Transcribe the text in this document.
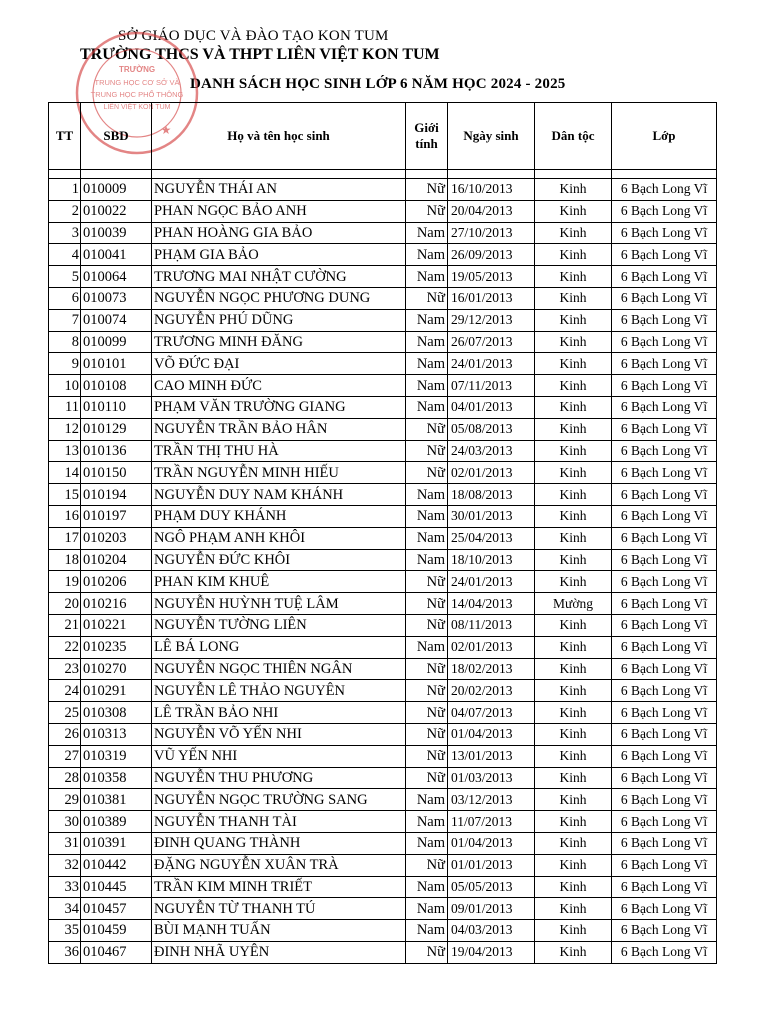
SỞ GIÁO DỤC VÀ ĐÀO TẠO KON TUM
TRƯỜNG THCS VÀ THPT LIÊN VIỆT KON TUM
DANH SÁCH HỌC SINH LỚP 6 NĂM HỌC 2024 - 2025
TRƯỜNG
TRUNG HỌC CƠ SỞ VÀ
TRUNG HỌC PHỔ THÔNG
LIÊN VIỆT KON TUM
★
TT	SBD	Họ và tên học sinh	Giới tính	Ngày sinh	Dân tộc	Lớp

1	010009	NGUYỄN THÁI AN	Nữ	16/10/2013	Kinh	6 Bạch Long Vĩ
2	010022	PHAN NGỌC BẢO ANH	Nữ	20/04/2013	Kinh	6 Bạch Long Vĩ
3	010039	PHAN HOÀNG GIA BẢO	Nam	27/10/2013	Kinh	6 Bạch Long Vĩ
4	010041	PHẠM GIA BẢO	Nam	26/09/2013	Kinh	6 Bạch Long Vĩ
5	010064	TRƯƠNG MAI NHẬT CƯỜNG	Nam	19/05/2013	Kinh	6 Bạch Long Vĩ
6	010073	NGUYỄN NGỌC PHƯƠNG DUNG	Nữ	16/01/2013	Kinh	6 Bạch Long Vĩ
7	010074	NGUYỄN PHÚ DŨNG	Nam	29/12/2013	Kinh	6 Bạch Long Vĩ
8	010099	TRƯƠNG MINH ĐĂNG	Nam	26/07/2013	Kinh	6 Bạch Long Vĩ
9	010101	VÕ ĐỨC ĐẠI	Nam	24/01/2013	Kinh	6 Bạch Long Vĩ
10	010108	CAO MINH ĐỨC	Nam	07/11/2013	Kinh	6 Bạch Long Vĩ
11	010110	PHẠM VĂN TRƯỜNG GIANG	Nam	04/01/2013	Kinh	6 Bạch Long Vĩ
12	010129	NGUYỄN TRẦN BẢO HÂN	Nữ	05/08/2013	Kinh	6 Bạch Long Vĩ
13	010136	TRẦN THỊ THU HÀ	Nữ	24/03/2013	Kinh	6 Bạch Long Vĩ
14	010150	TRẦN NGUYỄN MINH HIẾU	Nữ	02/01/2013	Kinh	6 Bạch Long Vĩ
15	010194	NGUYỄN DUY NAM KHÁNH	Nam	18/08/2013	Kinh	6 Bạch Long Vĩ
16	010197	PHẠM DUY KHÁNH	Nam	30/01/2013	Kinh	6 Bạch Long Vĩ
17	010203	NGÔ PHẠM ANH KHÔI	Nam	25/04/2013	Kinh	6 Bạch Long Vĩ
18	010204	NGUYỄN ĐỨC KHÔI	Nam	18/10/2013	Kinh	6 Bạch Long Vĩ
19	010206	PHAN KIM KHUÊ	Nữ	24/01/2013	Kinh	6 Bạch Long Vĩ
20	010216	NGUYỄN HUỲNH TUỆ LÂM	Nữ	14/04/2013	Mường	6 Bạch Long Vĩ
21	010221	NGUYỄN TƯỜNG LIÊN	Nữ	08/11/2013	Kinh	6 Bạch Long Vĩ
22	010235	LÊ BÁ LONG	Nam	02/01/2013	Kinh	6 Bạch Long Vĩ
23	010270	NGUYỄN NGỌC THIÊN NGÂN	Nữ	18/02/2013	Kinh	6 Bạch Long Vĩ
24	010291	NGUYỄN LÊ THẢO NGUYÊN	Nữ	20/02/2013	Kinh	6 Bạch Long Vĩ
25	010308	LÊ TRẦN BẢO NHI	Nữ	04/07/2013	Kinh	6 Bạch Long Vĩ
26	010313	NGUYỄN VÕ YẾN NHI	Nữ	01/04/2013	Kinh	6 Bạch Long Vĩ
27	010319	VŨ YẾN NHI	Nữ	13/01/2013	Kinh	6 Bạch Long Vĩ
28	010358	NGUYỄN THU PHƯƠNG	Nữ	01/03/2013	Kinh	6 Bạch Long Vĩ
29	010381	NGUYỄN NGỌC TRƯỜNG SANG	Nam	03/12/2013	Kinh	6 Bạch Long Vĩ
30	010389	NGUYỄN THANH TÀI	Nam	11/07/2013	Kinh	6 Bạch Long Vĩ
31	010391	ĐINH QUANG THÀNH	Nam	01/04/2013	Kinh	6 Bạch Long Vĩ
32	010442	ĐẶNG NGUYỄN XUÂN TRÀ	Nữ	01/01/2013	Kinh	6 Bạch Long Vĩ
33	010445	TRẦN KIM MINH TRIẾT	Nam	05/05/2013	Kinh	6 Bạch Long Vĩ
34	010457	NGUYỄN TỪ THANH TÚ	Nam	09/01/2013	Kinh	6 Bạch Long Vĩ
35	010459	BÙI MẠNH TUẤN	Nam	04/03/2013	Kinh	6 Bạch Long Vĩ
36	010467	ĐINH NHÃ UYÊN	Nữ	19/04/2013	Kinh	6 Bạch Long Vĩ
